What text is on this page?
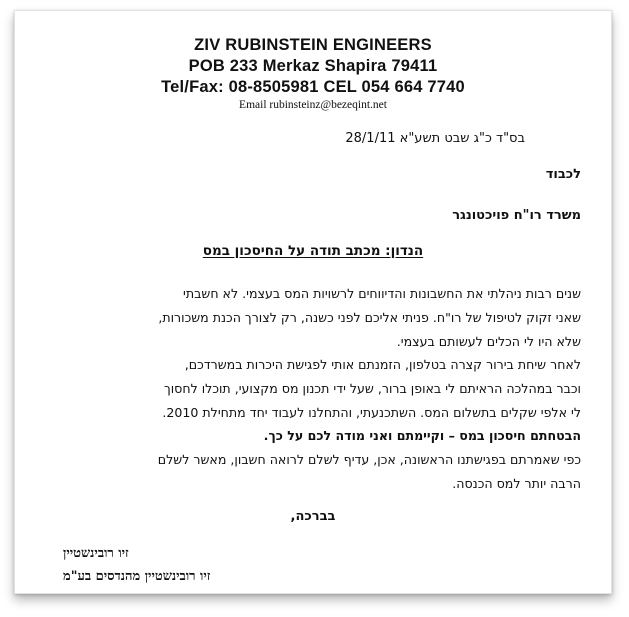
ZIV RUBINSTEIN ENGINEERS
POB 233 Merkaz Shapira 79411
Tel/Fax: 08-8505981 CEL 054 664 7740
Email rubinsteinz@bezeqint.net
בס"ד כ"ג שבט תשע"א 28/1/11
לכבוד
משרד רו"ח פויכטונגר
הנדון: מכתב תודה על החיסכון במס
שנים רבות ניהלתי את החשבונות והדיווחים לרשויות המס בעצמי. לא חשבתי
שאני זקוק לטיפול של רו"ח. פניתי אליכם לפני כשנה, רק לצורך הכנת משכורות,
שלא היו לי הכלים לעשותם בעצמי.
לאחר שיחת בירור קצרה בטלפון, הזמנתם אותי לפגישת היכרות במשרדכם,
וכבר במהלכה הראיתם לי באופן ברור, שעל ידי תכנון מס מקצועי, תוכלו לחסוך
לי אלפי שקלים בתשלום המס. השתכנעתי, והתחלנו לעבוד יחד מתחילת 2010.
הבטחתם חיסכון במס – וקיימתם ואני מודה לכם על כך.
כפי שאמרתם בפגישתנו הראשונה, אכן, עדיף לשלם לרואה חשבון, מאשר לשלם
הרבה יותר למס הכנסה.
בברכה,
זיו רובינשטיין
זיו רובינשטיין מהנדסים בע"מ
